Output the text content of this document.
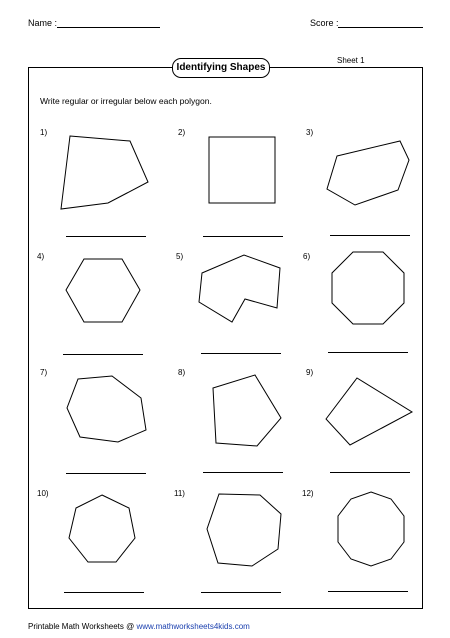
Name :	Score :
Identifying Shapes
Sheet 1
Write regular or irregular below each polygon.
1)	2)	3)
4)	5)	6)
7)	8)	9)
10)	11)	12)
Printable Math Worksheets @ www.mathworksheets4kids.com
